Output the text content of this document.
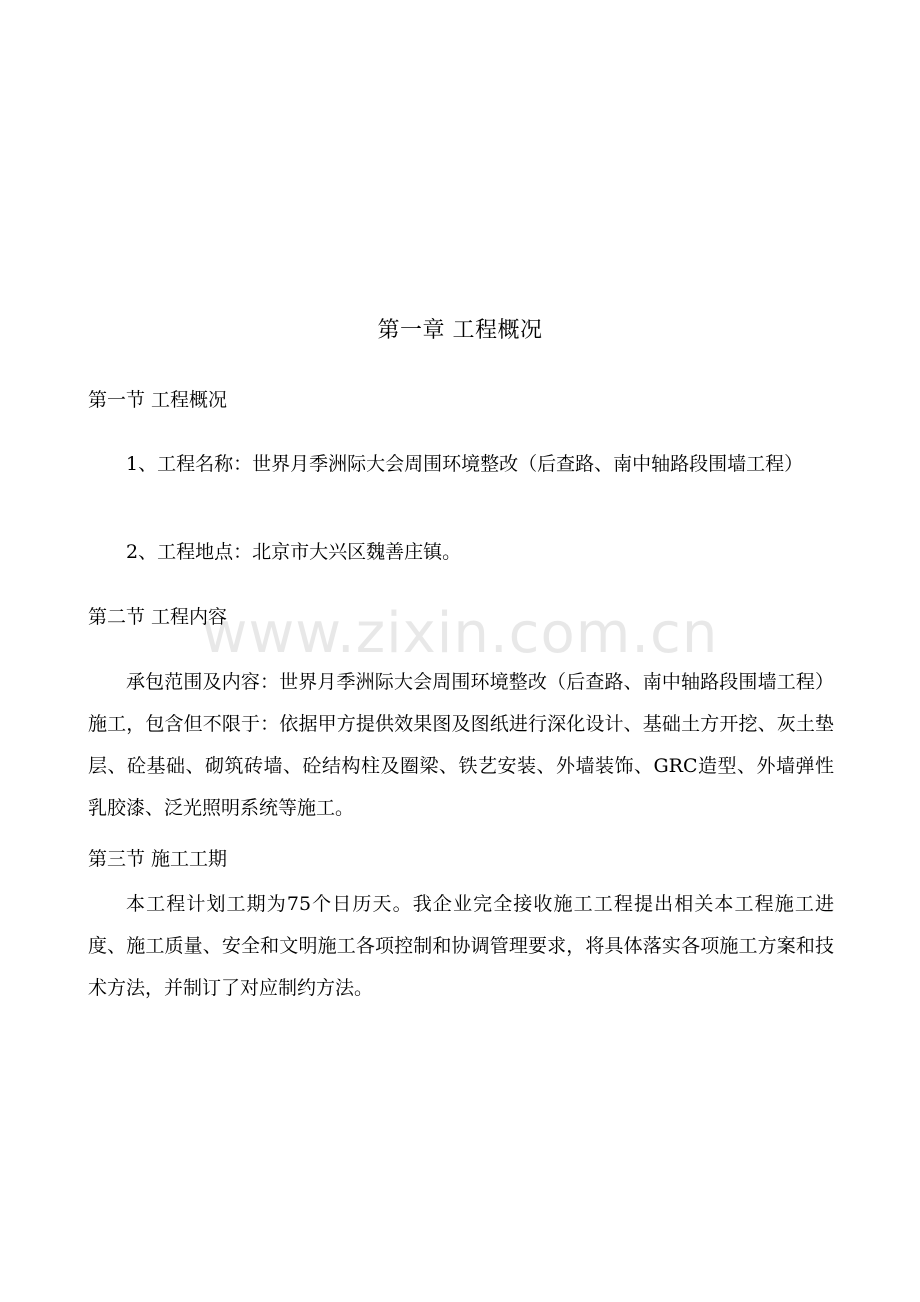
第一章 工程概况
第一节 工程概况
1、工程名称：世界月季洲际大会周围环境整改（后查路、南中轴路段围墙工程）
2、工程地点：北京市大兴区魏善庄镇。
第二节 工程内容
承包范围及内容：世界月季洲际大会周围环境整改（后查路、南中轴路段围墙工程）施工，包含但不限于：依据甲方提供效果图及图纸进行深化设计、基础土方开挖、灰土垫层、砼基础、砌筑砖墙、砼结构柱及圈梁、铁艺安装、外墙装饰、GRC造型、外墙弹性乳胶漆、泛光照明系统等施工。
第三节 施工工期
本工程计划工期为75个日历天。我企业完全接收施工工程提出相关本工程施工进度、施工质量、安全和文明施工各项控制和协调管理要求，将具体落实各项施工方案和技术方法，并制订了对应制约方法。
www.zixin.com.cn
